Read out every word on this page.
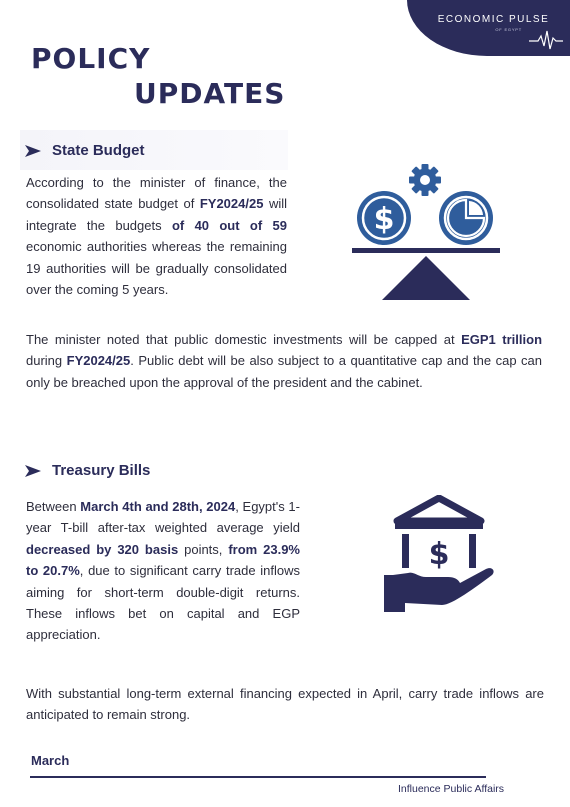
ECONOMIC PULSE
OF EGYPT
POLICY
UPDATES
State Budget
According to the minister of finance, the consolidated state budget of FY2024/25 will integrate the budgets of 40 out of 59 economic authorities whereas the remaining 19 authorities will be gradually consolidated over the coming 5 years.
$
The minister noted that public domestic investments will be capped at EGP1 trillion during FY2024/25. Public debt will be also subject to a quantitative cap and the cap can only be breached upon the approval of the president and the cabinet.
Treasury Bills
Between March 4th and 28th, 2024, Egypt's 1-year T-bill after-tax weighted average yield decreased by 320 basis points, from 23.9% to 20.7%, due to significant carry trade inflows aiming for short-term double-digit returns. These inflows bet on capital and EGP appreciation.
$
With substantial long-term external financing expected in April, carry trade inflows are anticipated to remain strong.
March
Influence Public Affairs
